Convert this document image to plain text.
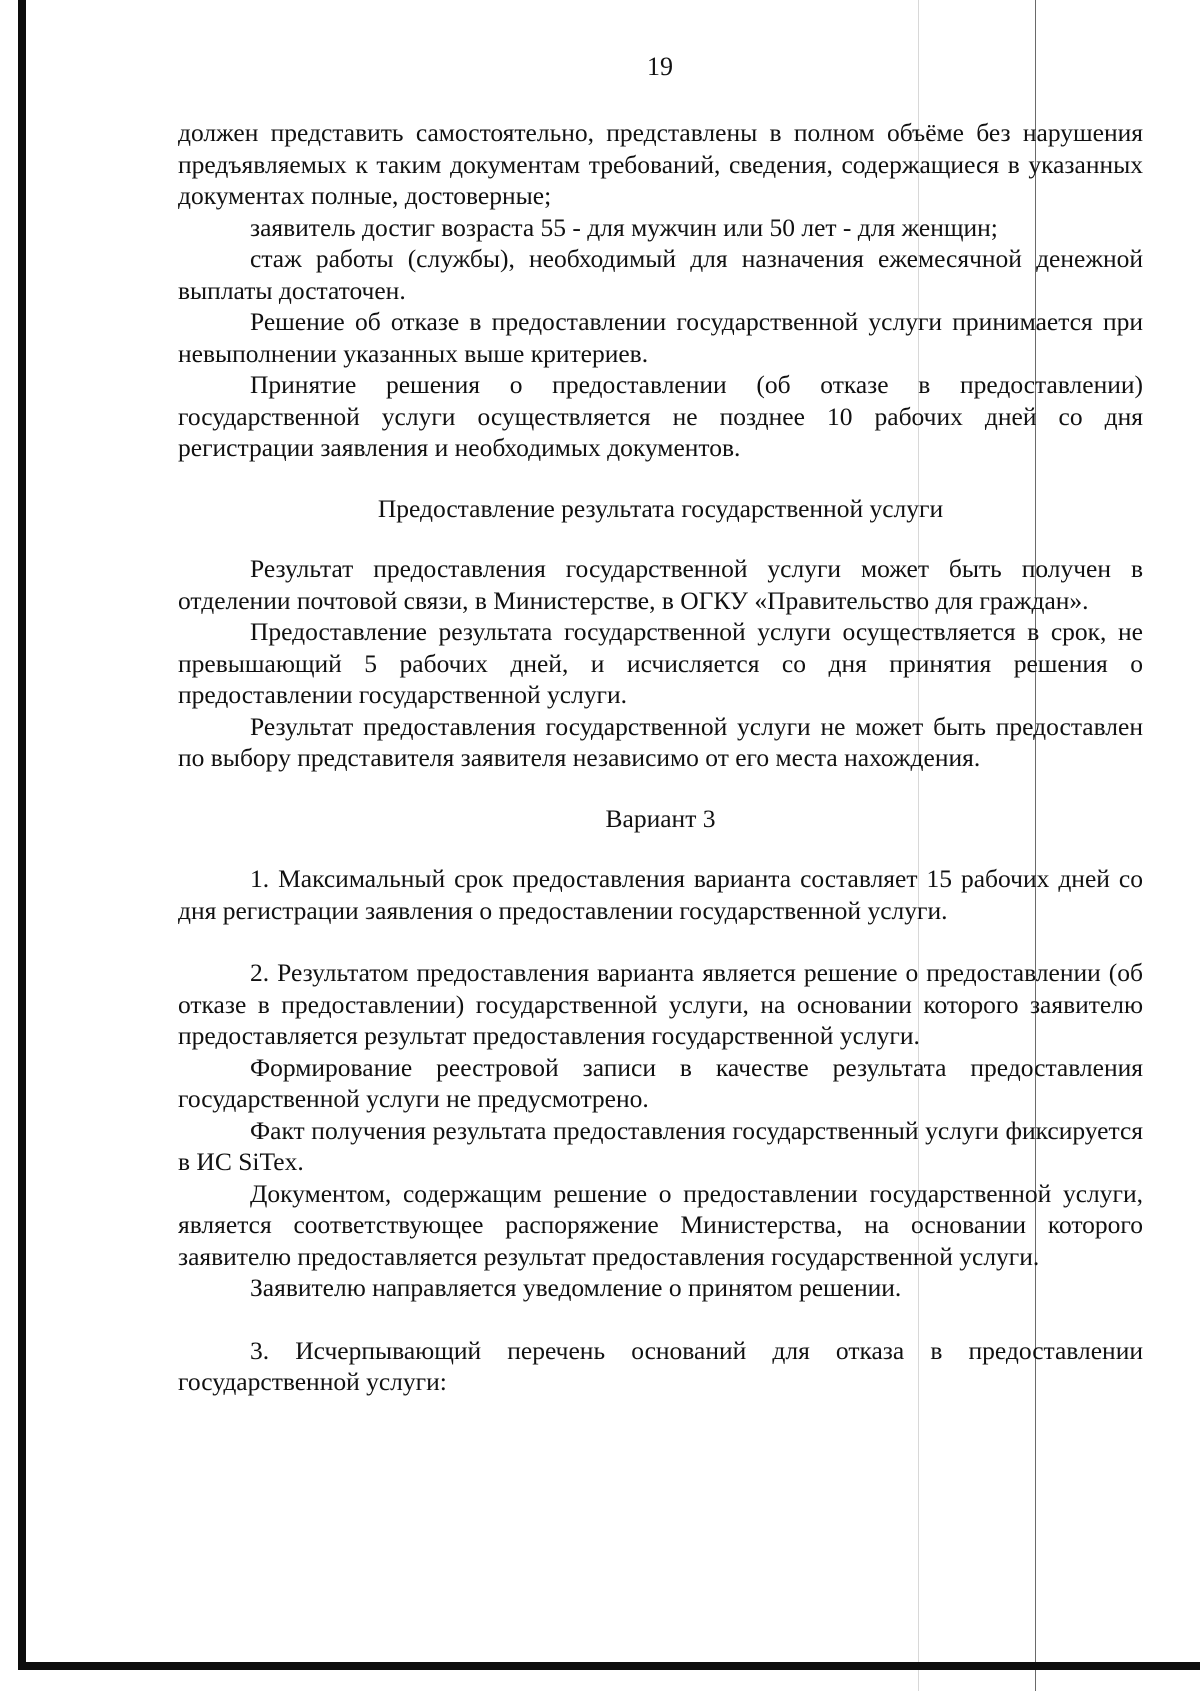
19

должен представить самостоятельно, представлены в полном объёме без нарушения предъявляемых к таким документам требований, сведения, содержащиеся в указанных документах полные, достоверные;

заявитель достиг возраста 55 - для мужчин или 50 лет - для женщин;

стаж работы (службы), необходимый для назначения ежемесячной денежной выплаты достаточен.

Решение об отказе в предоставлении государственной услуги принимается при невыполнении указанных выше критериев.

Принятие решения о предоставлении (об отказе в предоставлении) государственной услуги осуществляется не позднее 10 рабочих дней со дня регистрации заявления и необходимых документов.

Предоставление результата государственной услуги

Результат предоставления государственной услуги может быть получен в отделении почтовой связи, в Министерстве, в ОГКУ «Правительство для граждан».

Предоставление результата государственной услуги осуществляется в срок, не превышающий 5 рабочих дней, и исчисляется со дня принятия решения о предоставлении государственной услуги.

Результат предоставления государственной услуги не может быть предоставлен по выбору представителя заявителя независимо от его места нахождения.

Вариант 3

1. Максимальный срок предоставления варианта составляет 15 рабочих дней со дня регистрации заявления о предоставлении государственной услуги.

2. Результатом предоставления варианта является решение о предоставлении (об отказе в предоставлении) государственной услуги, на основании которого заявителю предоставляется результат предоставления государственной услуги.

Формирование реестровой записи в качестве результата предоставления государственной услуги не предусмотрено.

Факт получения результата предоставления государственный услуги фиксируется в ИС SiTex.

Документом, содержащим решение о предоставлении государственной услуги, является соответствующее распоряжение Министерства, на основании которого заявителю предоставляется результат предоставления государственной услуги.

Заявителю направляется уведомление о принятом решении.

3. Исчерпывающий перечень оснований для отказа в предоставлении государственной услуги:
